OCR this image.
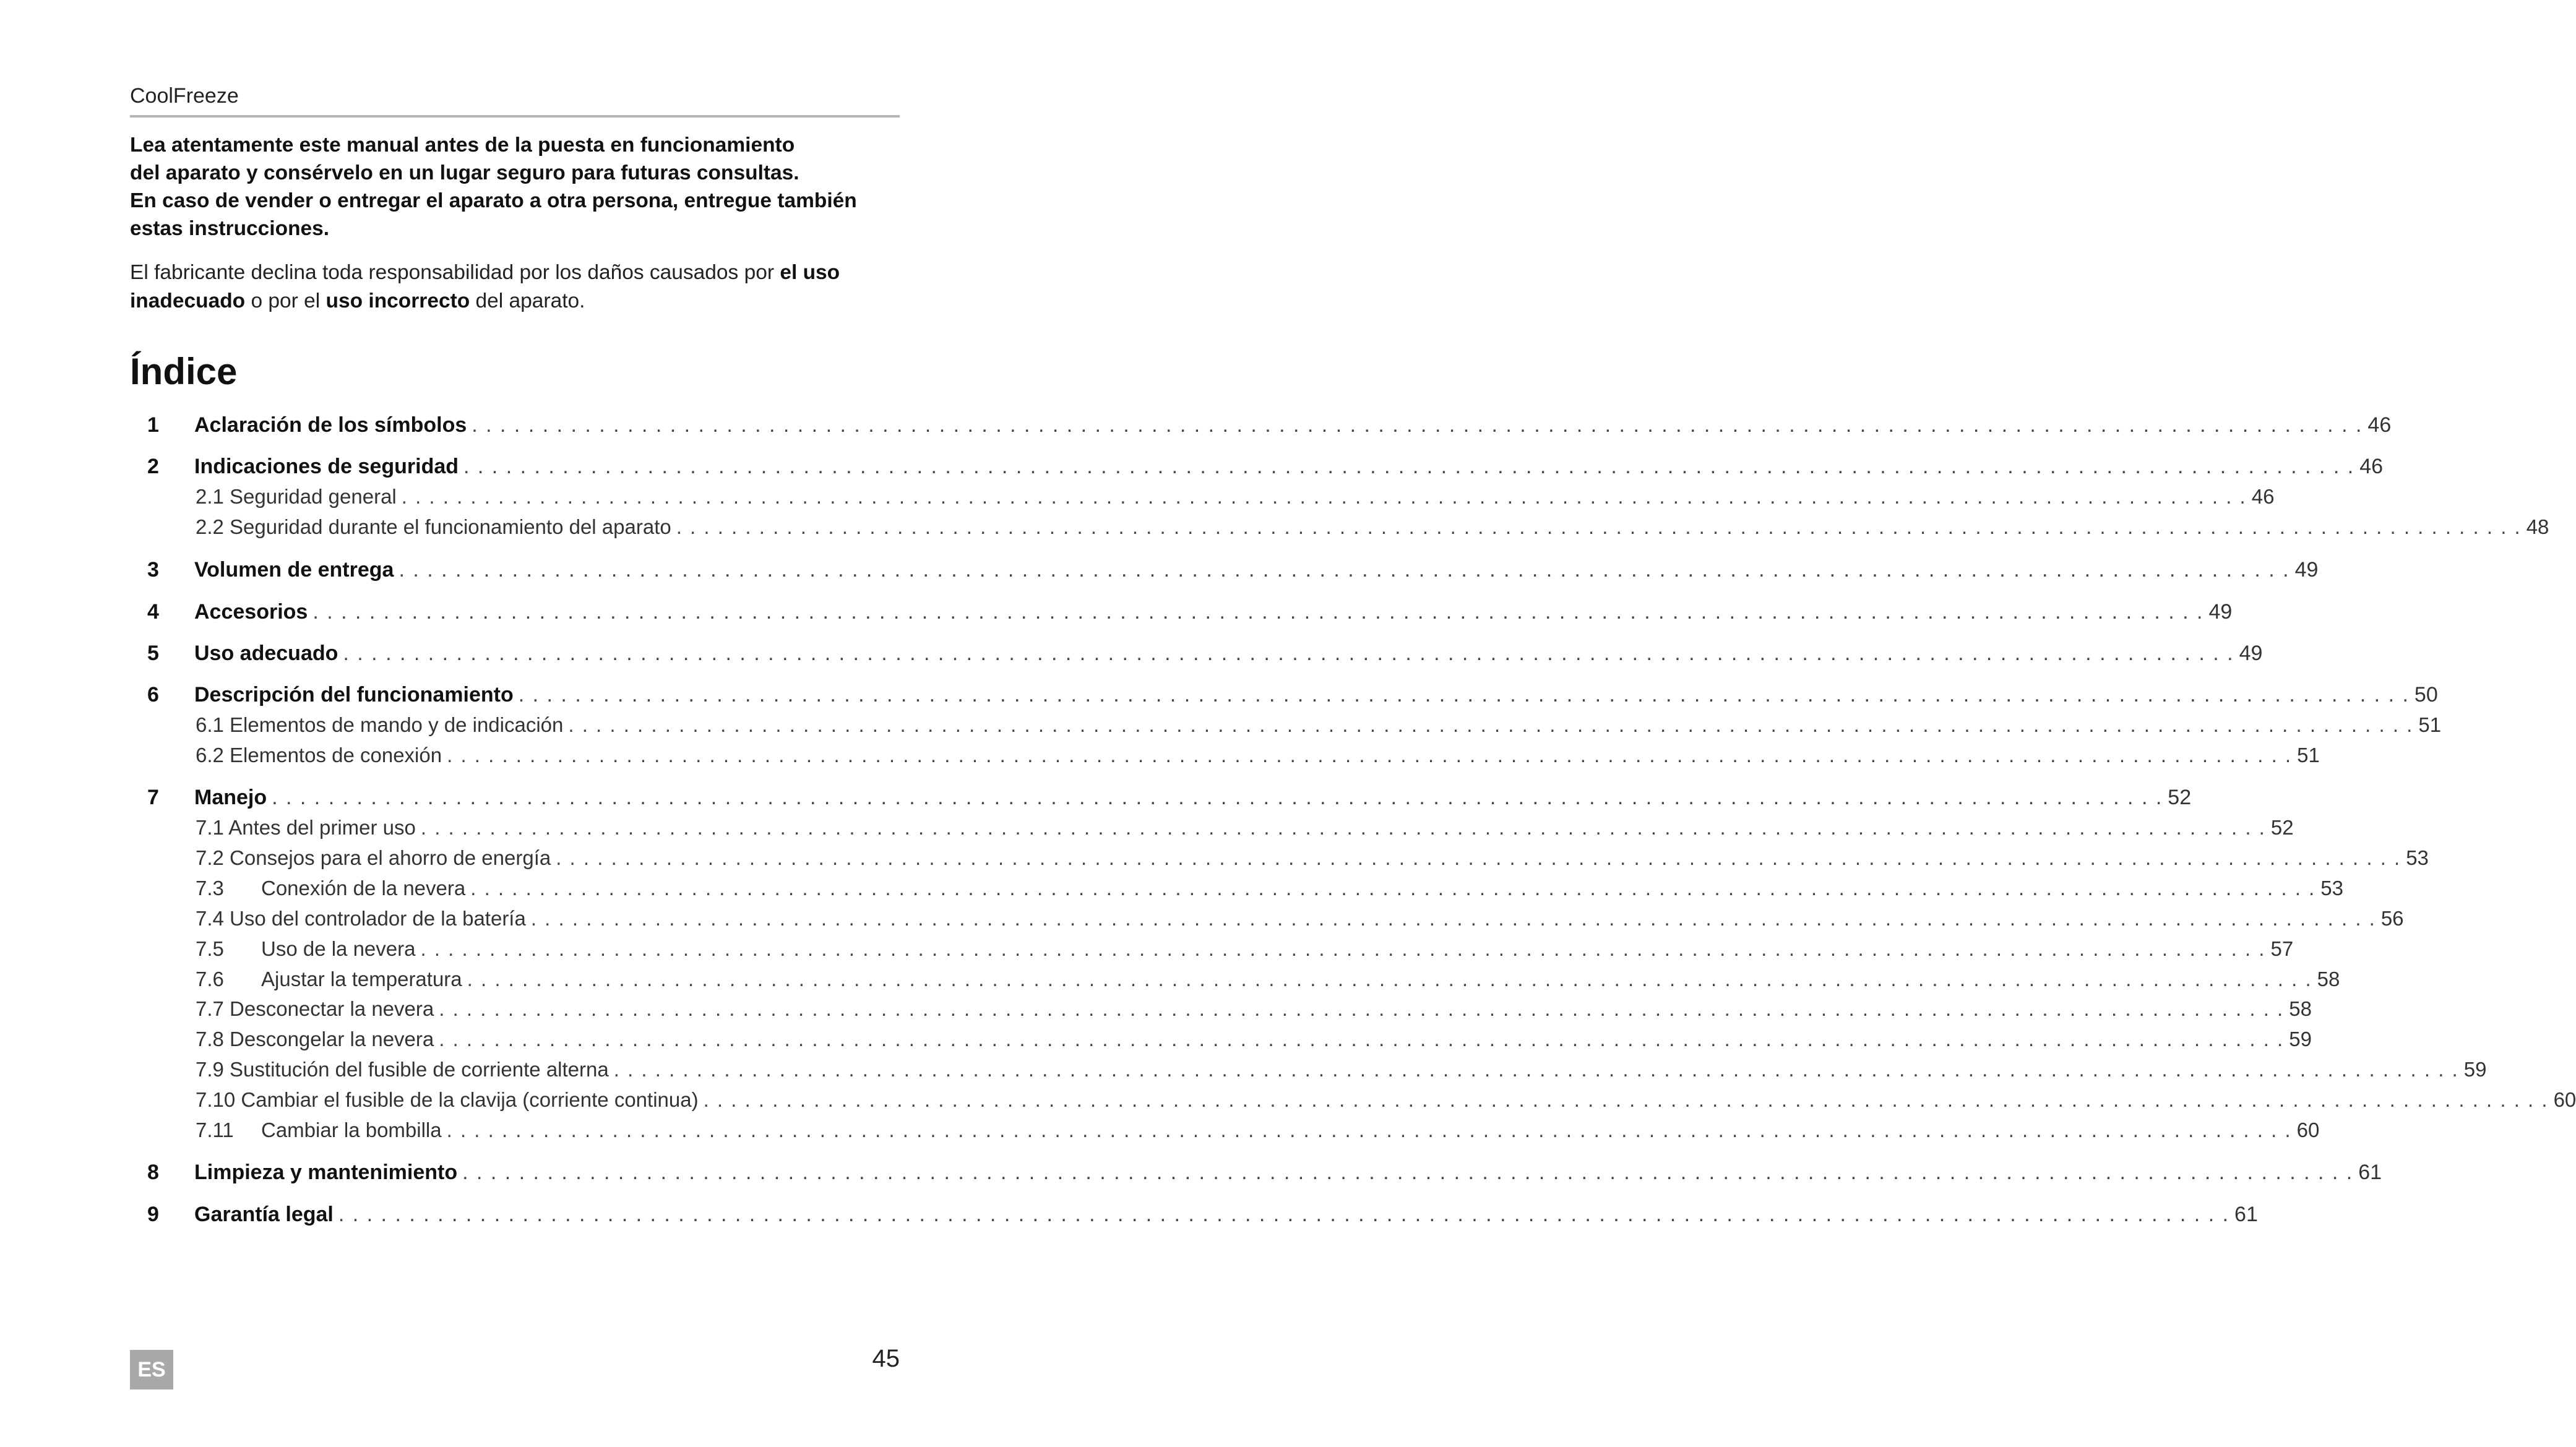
CoolFreeze
Lea atentamente este manual antes de la puesta en funcionamiento
del aparato y consérvelo en un lugar seguro para futuras consultas.
En caso de vender o entregar el aparato a otra persona, entregue también
estas instrucciones.
El fabricante declina toda responsabilidad por los daños causados por el uso inadecuado o por el uso incorrecto del aparato.
Índice
1	Aclaración de los símbolos . . .	46
2	Indicaciones de seguridad . . .	46
2.1 Seguridad general . . .	46
2.2 Seguridad durante el funcionamiento del aparato . . .	48
3	Volumen de entrega . . .	49
4	Accesorios . . .	49
5	Uso adecuado . . .	49
6	Descripción del funcionamiento . . .	50
6.1 Elementos de mando y de indicación . . .	51
6.2 Elementos de conexión . . .	51
7	Manejo . . .	52
7.1 Antes del primer uso . . .	52
7.2 Consejos para el ahorro de energía . . .	53
7.3	Conexión de la nevera . . .	53
7.4 Uso del controlador de la batería . . .	56
7.5	Uso de la nevera . . .	57
7.6	Ajustar la temperatura . . .	58
7.7 Desconectar la nevera . . .	58
7.8 Descongelar la nevera . . .	59
7.9 Sustitución del fusible de corriente alterna . . .	59
7.10 Cambiar el fusible de la clavija (corriente continua) . . .	60
7.11	Cambiar la bombilla . . .	60
8	Limpieza y mantenimiento . . .	61
9	Garantía legal . . .	61
ES	45
